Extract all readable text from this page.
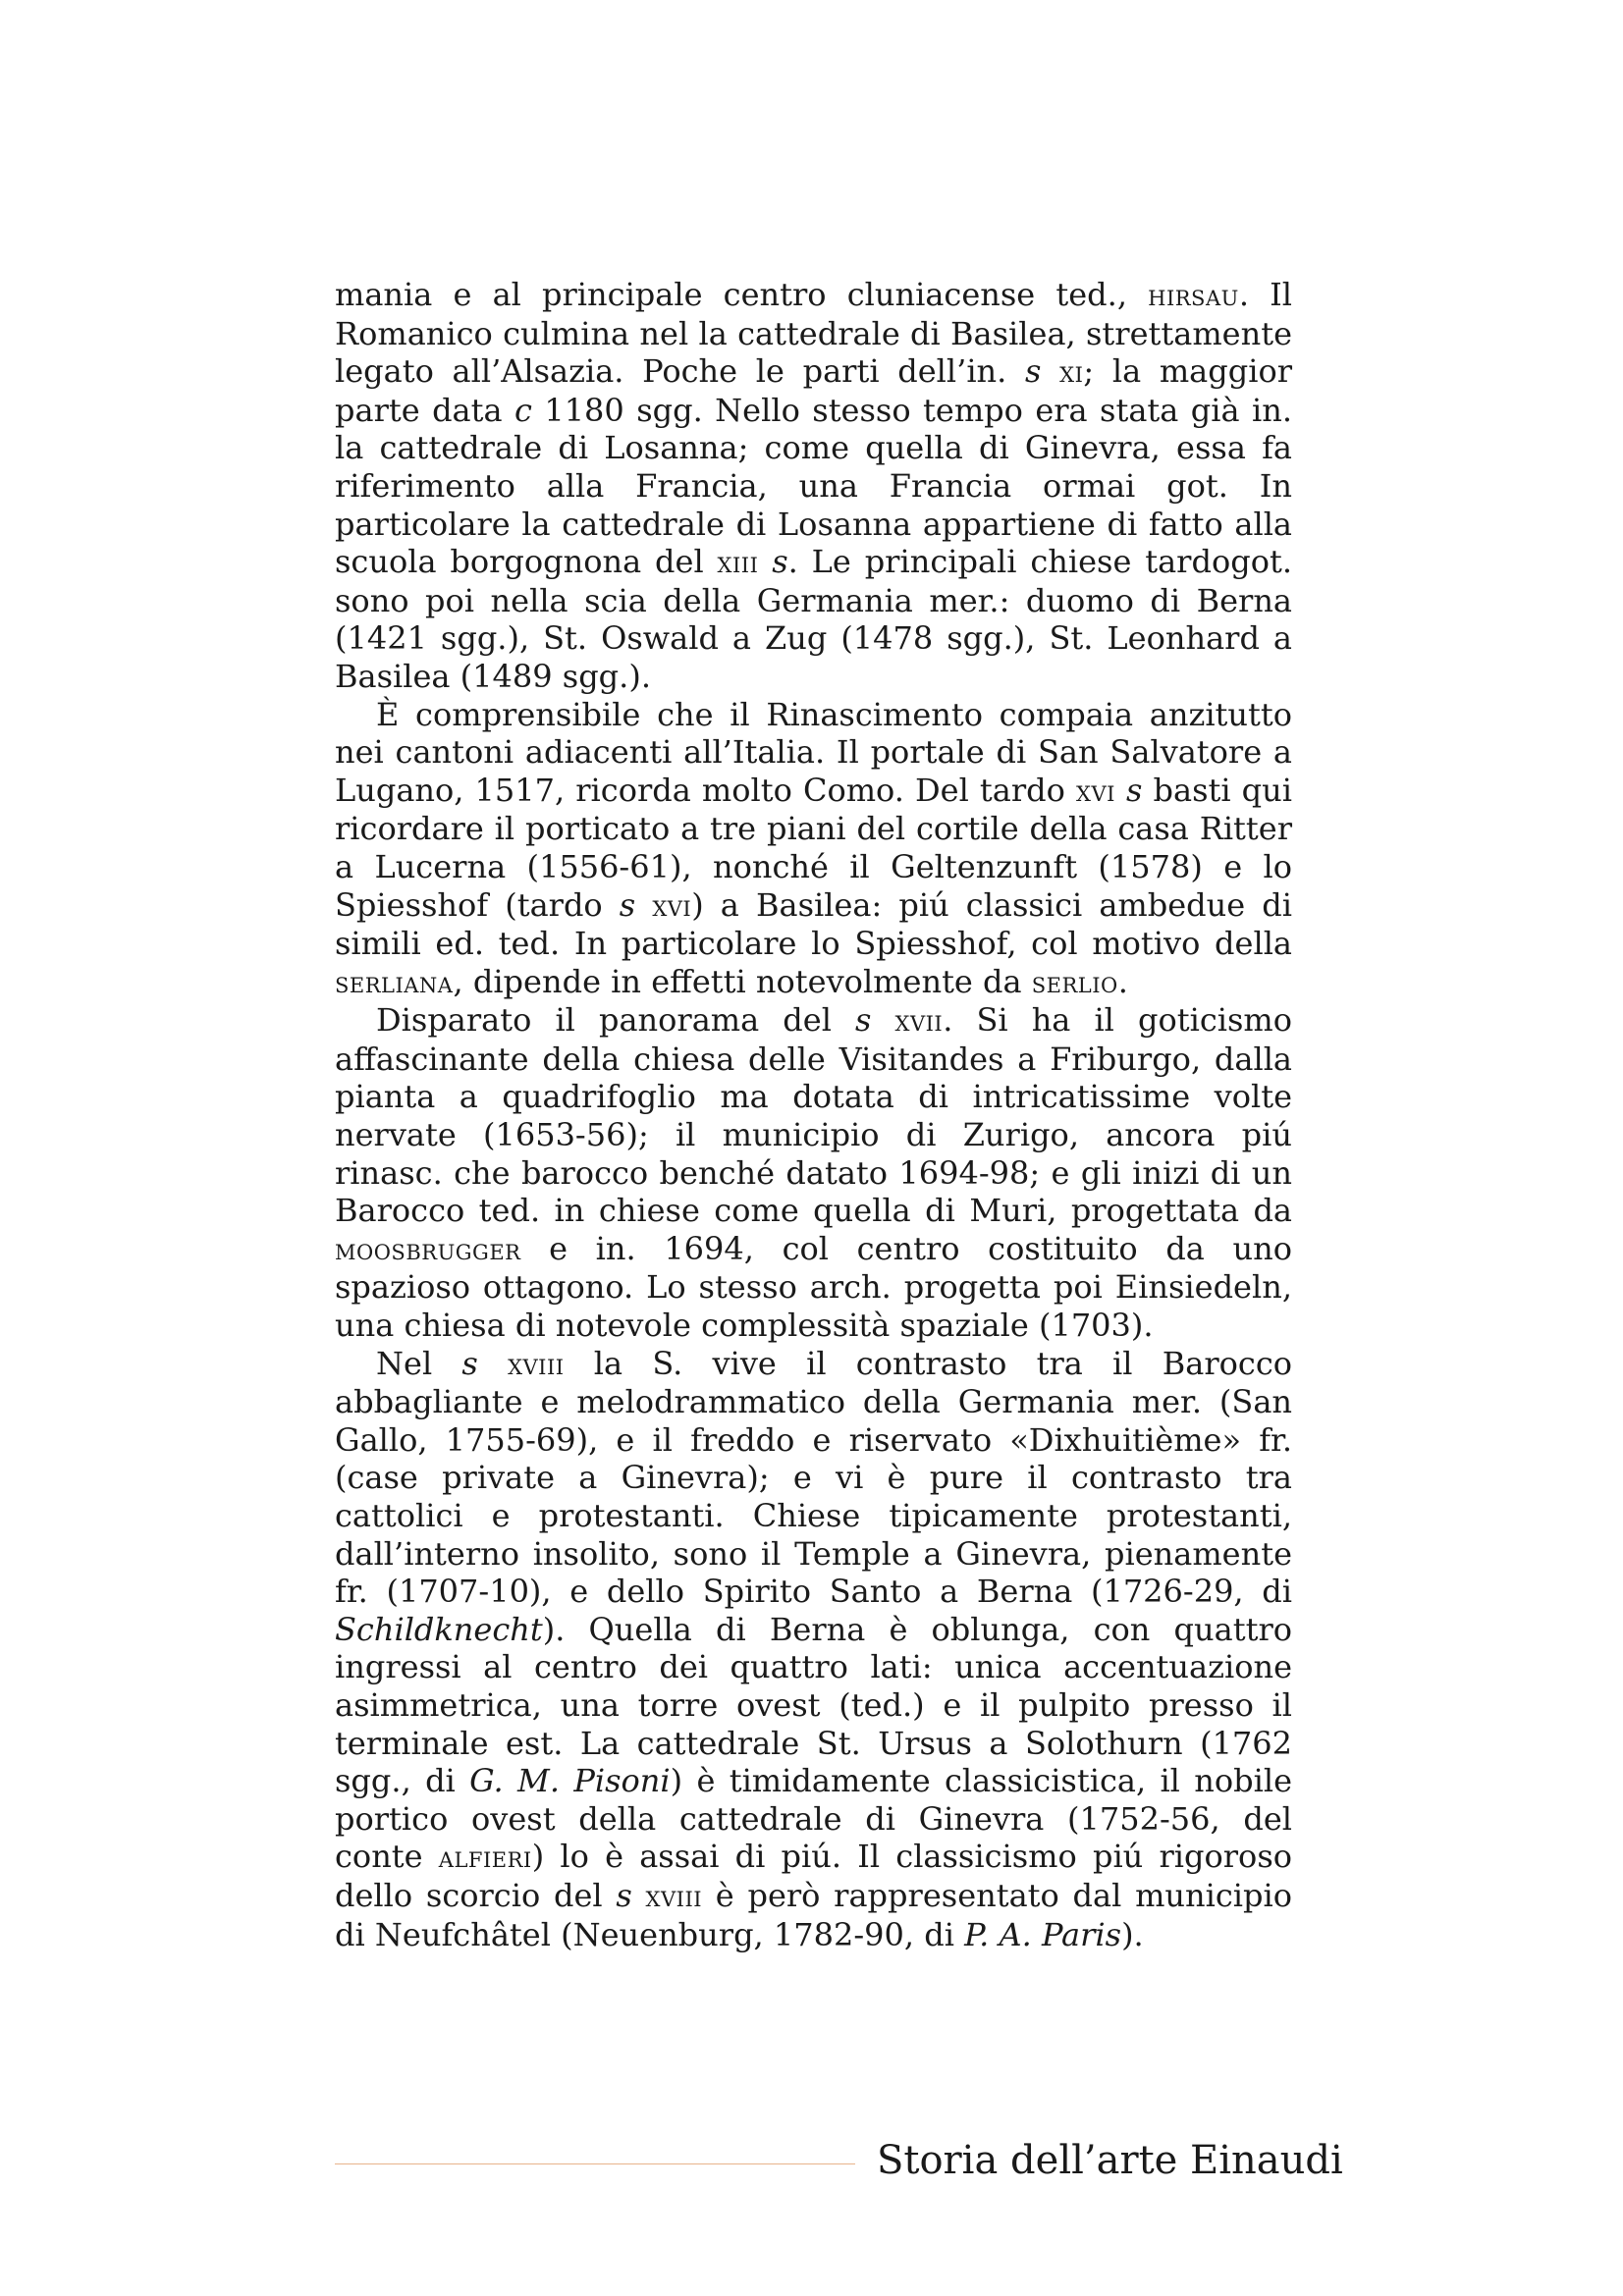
mania e al principale centro cluniacense ted., hirsau. Il Romanico culmina nel la cattedrale di Basilea, strettamente legato all’Alsazia. Poche le parti dell’in. s xi; la maggior parte data c 1180 sgg. Nello stesso tempo era stata già in. la cattedrale di Losanna; come quella di Ginevra, essa fa riferimento alla Francia, una Francia ormai got. In particolare la cattedrale di Losanna appartiene di fatto alla scuola borgognona del xiii s. Le principali chiese tardogot. sono poi nella scia della Germania mer.: duomo di Berna (1421 sgg.), St. Oswald a Zug (1478 sgg.), St. Leonhard a Basilea (1489 sgg.).

È comprensibile che il Rinascimento compaia anzitutto nei cantoni adiacenti all’Italia. Il portale di San Salvatore a Lugano, 1517, ricorda molto Como. Del tardo xvi s basti qui ricordare il porticato a tre piani del cortile della casa Ritter a Lucerna (1556-61), nonché il Geltenzunft (1578) e lo Spiesshof (tardo s xvi) a Basilea: piú classici ambedue di simili ed. ted. In particolare lo Spiesshof, col motivo della serliana, dipende in effetti notevolmente da serlio.

Disparato il panorama del s xvii. Si ha il goticismo affascinante della chiesa delle Visitandes a Friburgo, dalla pianta a quadrifoglio ma dotata di intricatissime volte nervate (1653-56); il municipio di Zurigo, ancora piú rinasc. che barocco benché datato 1694-98; e gli inizi di un Barocco ted. in chiese come quella di Muri, progettata da moosbrugger e in. 1694, col centro costituito da uno spazioso ottagono. Lo stesso arch. progetta poi Einsiedeln, una chiesa di notevole complessità spaziale (1703).

Nel s xviii la S. vive il contrasto tra il Barocco abbagliante e melodrammatico della Germania mer. (San Gallo, 1755-69), e il freddo e riservato «Dixhuitième» fr. (case private a Ginevra); e vi è pure il contrasto tra cattolici e protestanti. Chiese tipicamente protestanti, dall’interno insolito, sono il Temple a Ginevra, pienamente fr. (1707-10), e dello Spirito Santo a Berna (1726-29, di Schildknecht). Quella di Berna è oblunga, con quattro ingressi al centro dei quattro lati: unica accentuazione asimmetrica, una torre ovest (ted.) e il pulpito presso il terminale est. La cattedrale St. Ursus a Solothurn (1762 sgg., di G. M. Pisoni) è timidamente classicistica, il nobile portico ovest della cattedrale di Ginevra (1752-56, del conte alfieri) lo è assai di piú. Il classicismo piú rigoroso dello scorcio del s xviii è però rappresentato dal municipio di Neufchâtel (Neuenburg, 1782-90, di P. A. Paris).

Storia dell’arte Einaudi
